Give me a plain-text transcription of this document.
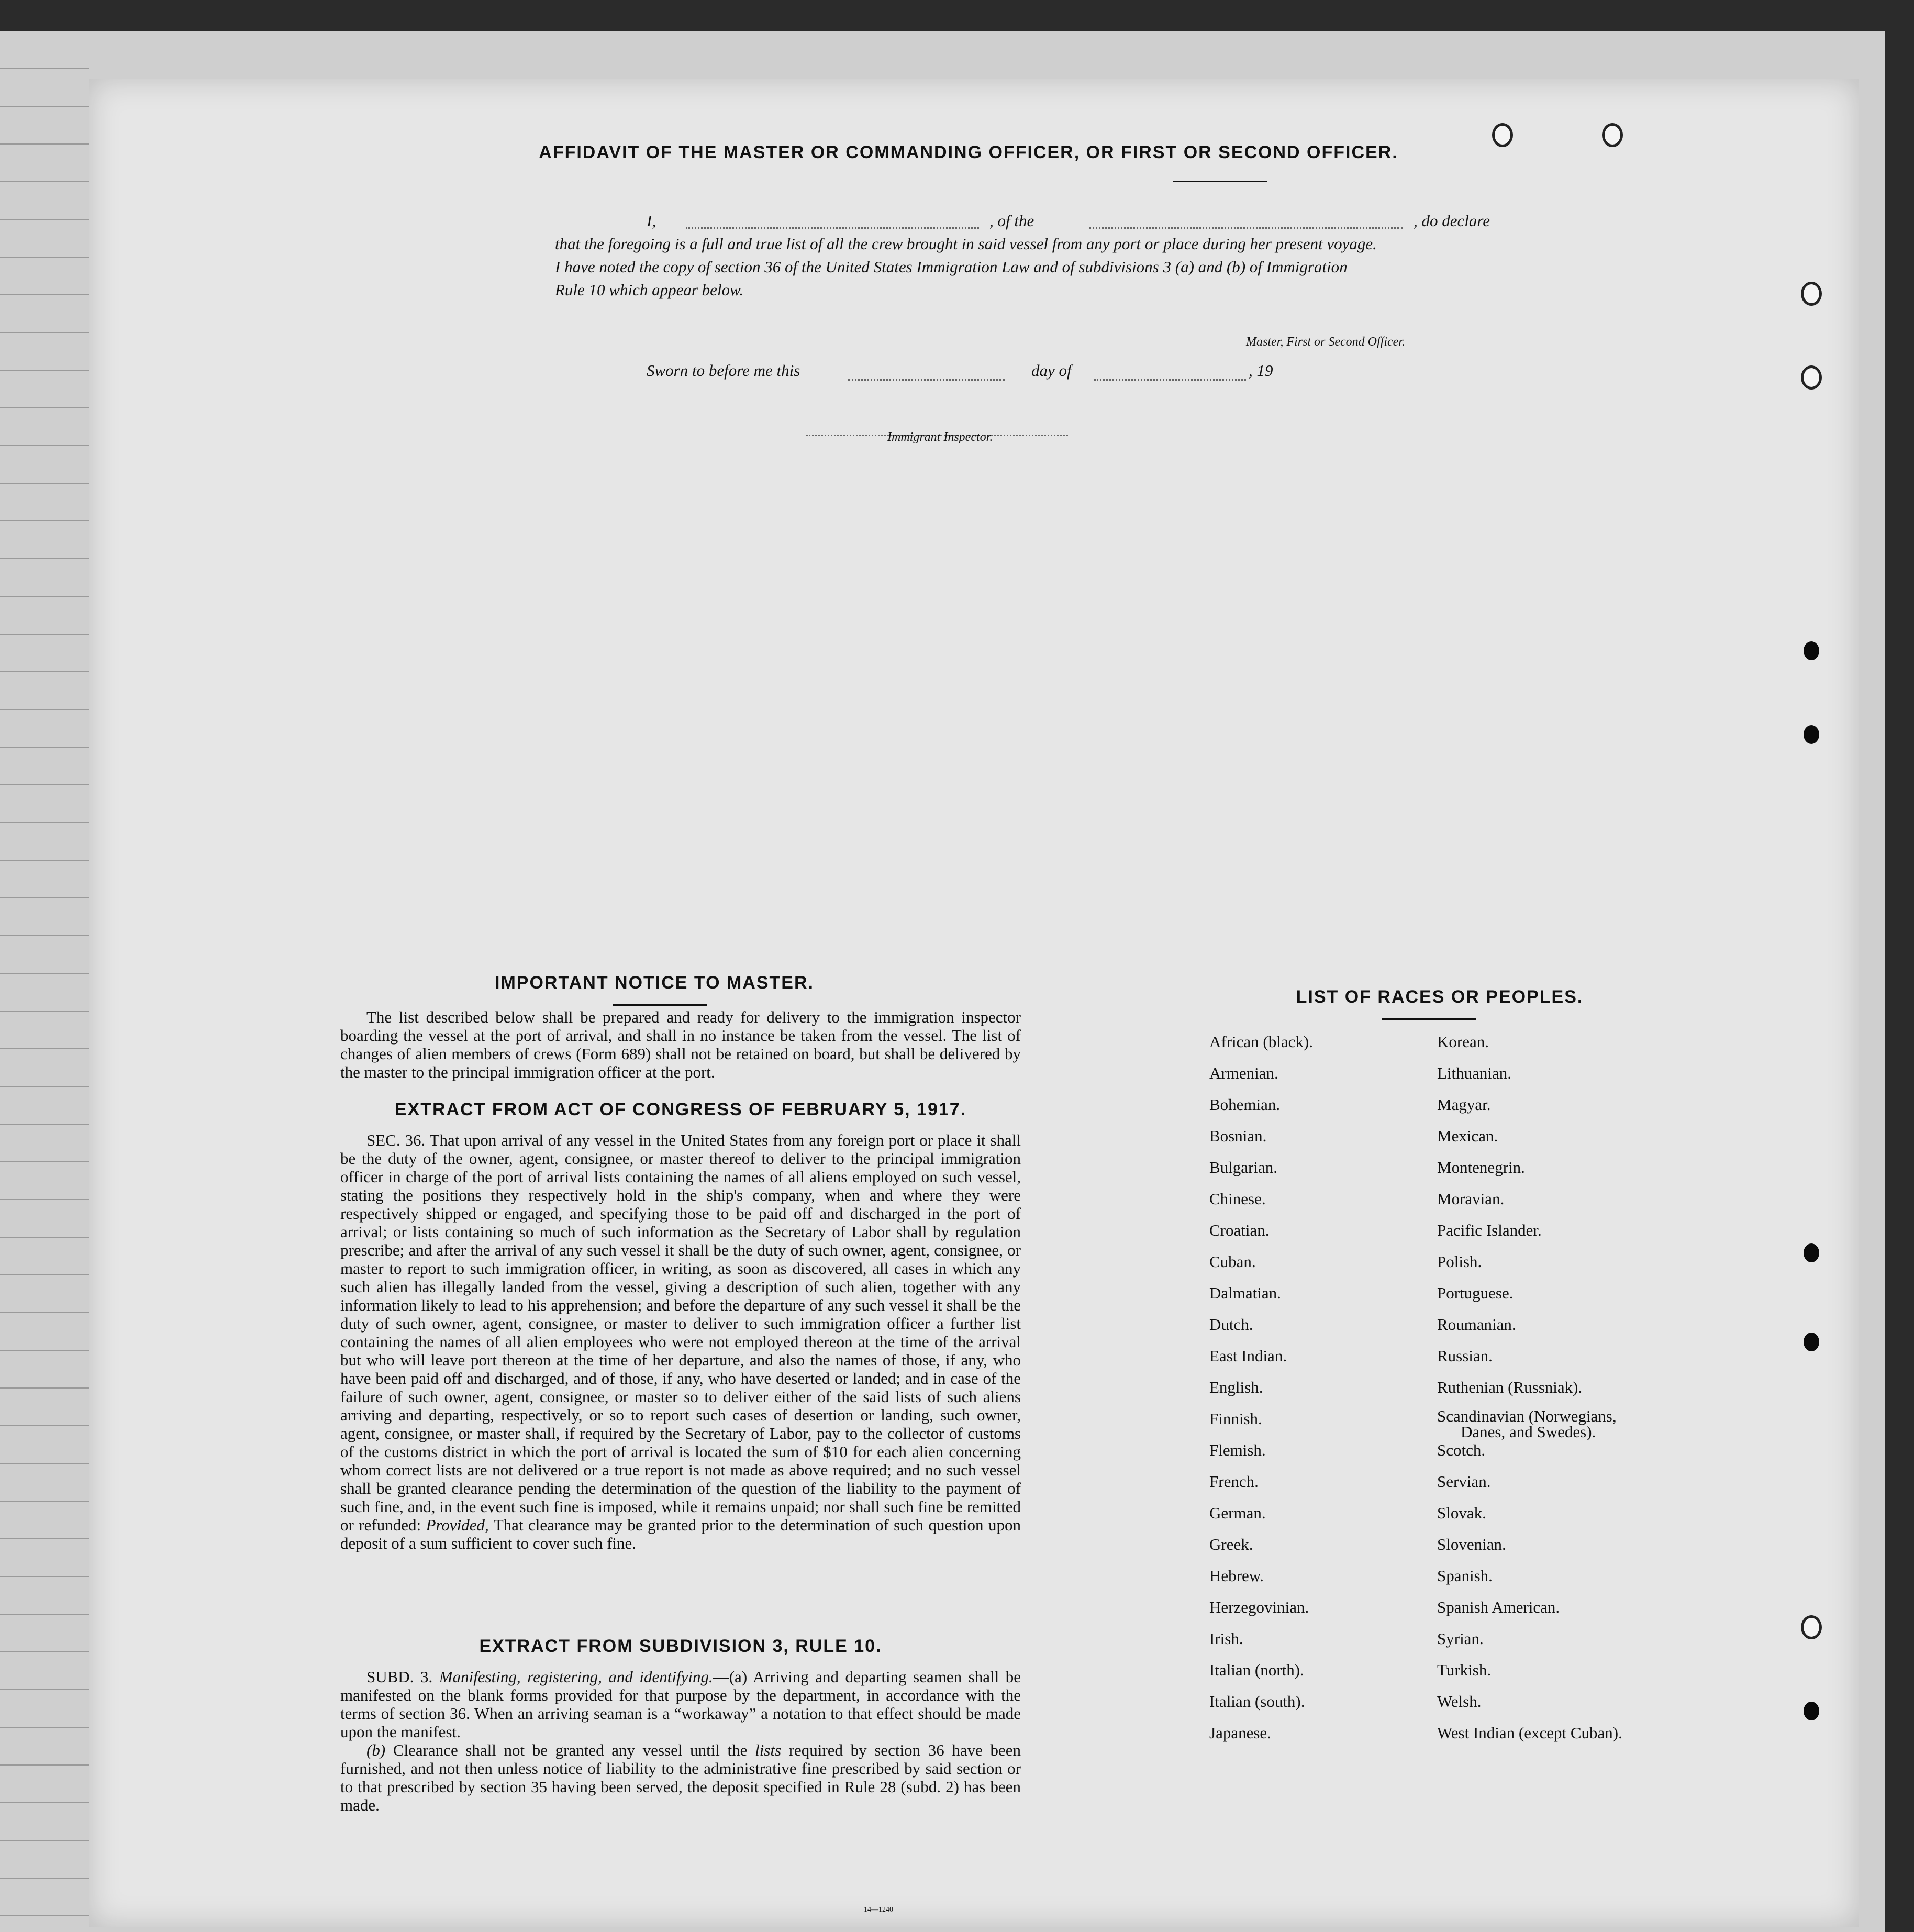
AFFIDAVIT OF THE MASTER OR COMMANDING OFFICER, OR FIRST OR SECOND OFFICER.
I,	, of the	, do declare
that the foregoing is a full and true list of all the crew brought in said vessel from any port or place during her present voyage.
I have noted the copy of section 36 of the United States Immigration Law and of subdivisions 3 (a) and (b) of Immigration
Rule 10 which appear below.
Master, First or Second Officer.
Sworn to before me this	day of	, 19
Immigrant Inspector.
IMPORTANT NOTICE TO MASTER.

The list described below shall be prepared and ready for delivery to the immigration inspector boarding the vessel at the port of arrival, and shall in no instance be taken from the vessel. The list of changes of alien members of crews (Form 689) shall not be retained on board, but shall be delivered by the master to the principal immigration officer at the port.

EXTRACT FROM ACT OF CONGRESS OF FEBRUARY 5, 1917.

SEC. 36. That upon arrival of any vessel in the United States from any foreign port or place it shall be the duty of the owner, agent, consignee, or master thereof to deliver to the principal immigration officer in charge of the port of arrival lists containing the names of all aliens employed on such vessel, stating the positions they respectively hold in the ship's company, when and where they were respectively shipped or engaged, and specifying those to be paid off and discharged in the port of arrival; or lists containing so much of such information as the Secretary of Labor shall by regulation prescribe; and after the arrival of any such vessel it shall be the duty of such owner, agent, consignee, or master to report to such immigration officer, in writing, as soon as discovered, all cases in which any such alien has illegally landed from the vessel, giving a description of such alien, together with any information likely to lead to his apprehension; and before the departure of any such vessel it shall be the duty of such owner, agent, consignee, or master to deliver to such immigration officer a further list containing the names of all alien employees who were not employed thereon at the time of the arrival but who will leave port thereon at the time of her departure, and also the names of those, if any, who have been paid off and discharged, and of those, if any, who have deserted or landed; and in case of the failure of such owner, agent, consignee, or master so to deliver either of the said lists of such aliens arriving and departing, respectively, or so to report such cases of desertion or landing, such owner, agent, consignee, or master shall, if required by the Secretary of Labor, pay to the collector of customs of the customs district in which the port of arrival is located the sum of $10 for each alien concerning whom correct lists are not delivered or a true report is not made as above required; and no such vessel shall be granted clearance pending the determination of the question of the liability to the payment of such fine, and, in the event such fine is imposed, while it remains unpaid; nor shall such fine be remitted or refunded: Provided, That clearance may be granted prior to the determination of such question upon deposit of a sum sufficient to cover such fine.

EXTRACT FROM SUBDIVISION 3, RULE 10.

SUBD. 3. Manifesting, registering, and identifying.—(a) Arriving and departing seamen shall be manifested on the blank forms provided for that purpose by the department, in accordance with the terms of section 36. When an arriving seaman is a “workaway” a notation to that effect should be made upon the manifest.

(b) Clearance shall not be granted any vessel until the lists required by section 36 have been furnished, and not then unless notice of liability to the administrative fine prescribed by said section or to that prescribed by section 35 having been served, the deposit specified in Rule 28 (subd. 2) has been made.

14—1240
LIST OF RACES OR PEOPLES.
African (black).
Armenian.
Bohemian.
Bosnian.
Bulgarian.
Chinese.
Croatian.
Cuban.
Dalmatian.
Dutch.
East Indian.
English.
Finnish.
Flemish.
French.
German.
Greek.
Hebrew.
Herzegovinian.
Irish.
Italian (north).
Italian (south).
Japanese.
Korean.
Lithuanian.
Magyar.
Mexican.
Montenegrin.
Moravian.
Pacific Islander.
Polish.
Portuguese.
Roumanian.
Russian.
Ruthenian (Russniak).
Scandinavian (Norwegians,
Danes, and Swedes).
Scotch.
Servian.
Slovak.
Slovenian.
Spanish.
Spanish American.
Syrian.
Turkish.
Welsh.
West Indian (except Cuban).
